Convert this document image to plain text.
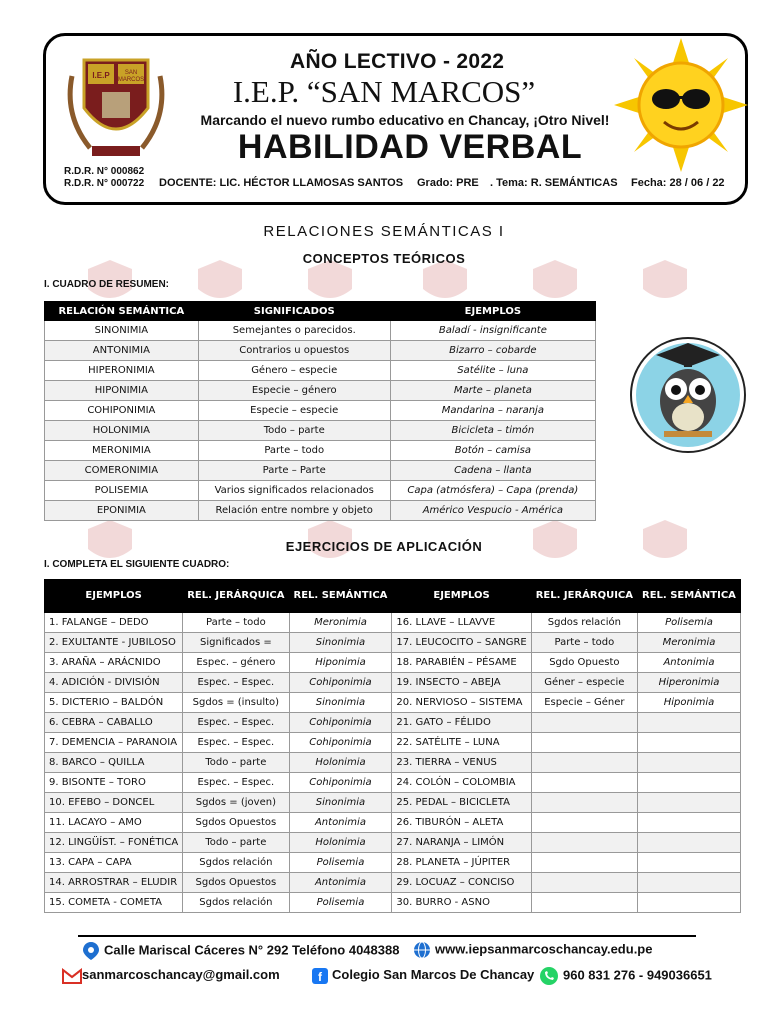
I.E.P	SAN
MARCOS
AÑO LECTIVO - 2022
I.E.P. “SAN MARCOS”
Marcando el nuevo rumbo educativo en Chancay, ¡Otro Nivel!
HABILIDAD VERBAL
R.D.R. N° 000862
R.D.R. N° 000722 DOCENTE: LIC. HÉCTOR LLAMOSAS SANTOS Grado: PRE . Tema: R. SEMÁNTICAS Fecha: 28 / 06 / 22
RELACIONES SEMÁNTICAS I
CONCEPTOS TEÓRICOS
I. CUADRO DE RESUMEN:
RELACIÓN SEMÁNTICA	SIGNIFICADOS	EJEMPLOS
SINONIMIA	Semejantes o parecidos.	Baladí - insignificante
ANTONIMIA	Contrarios u opuestos	Bizarro – cobarde
HIPERONIMIA	Género – especie	Satélite – luna
HIPONIMIA	Especie – género	Marte – planeta
COHIPONIMIA	Especie – especie	Mandarina – naranja
HOLONIMIA	Todo – parte	Bicicleta – timón
MERONIMIA	Parte – todo	Botón – camisa
COMERONIMIA	Parte – Parte	Cadena – llanta
POLISEMIA	Varios significados relacionados	Capa (atmósfera) – Capa (prenda)
EPONIMIA	Relación entre nombre y objeto	Américo Vespucio - América
EJERCICIOS DE APLICACIÓN
I. COMPLETA EL SIGUIENTE CUADRO:
EJEMPLOS	REL. JERÁRQUICA	REL. SEMÁNTICA	EJEMPLOS	REL. JERÁRQUICA	REL. SEMÁNTICA
1. FALANGE – DEDO	Parte – todo	Meronimia	16. LLAVE – LLAVVE	Sgdos relación	Polisemia
2. EXULTANTE - JUBILOSO	Significados =	Sinonimia	17. LEUCOCITO – SANGRE	Parte – todo	Meronimia
3. ARAÑA – ARÁCNIDO	Espec. – género	Hiponimia	18. PARABIÉN – PÉSAME	Sgdo Opuesto	Antonimia
4. ADICIÓN - DIVISIÓN	Espec. – Espec.	Cohiponimia	19. INSECTO – ABEJA	Géner – especie	Hiperonimia
5. DICTERIO – BALDÓN	Sgdos = (insulto)	Sinonimia	20. NERVIOSO – SISTEMA	Especie – Géner	Hiponimia
6. CEBRA – CABALLO	Espec. – Espec.	Cohiponimia	21. GATO – FÉLIDO		
7. DEMENCIA – PARANOIA	Espec. – Espec.	Cohiponimia	22. SATÉLITE – LUNA		
8. BARCO – QUILLA	Todo – parte	Holonimia	23. TIERRA – VENUS		
9. BISONTE – TORO	Espec. – Espec.	Cohiponimia	24. COLÓN – COLOMBIA		
10. EFEBO – DONCEL	Sgdos = (joven)	Sinonimia	25. PEDAL – BICICLETA		
11. LACAYO – AMO	Sgdos Opuestos	Antonimia	26. TIBURÓN – ALETA		
12. LINGÜÍST. – FONÉTICA	Todo – parte	Holonimia	27. NARANJA – LIMÓN		
13. CAPA – CAPA	Sgdos relación	Polisemia	28. PLANETA – JÚPITER		
14. ARROSTRAR – ELUDIR	Sgdos Opuestos	Antonimia	29. LOCUAZ – CONCISO		
15. COMETA - COMETA	Sgdos relación	Polisemia	30. BURRO - ASNO		
Calle Mariscal Cáceres N° 292 Teléfono 4048388	www.iepsanmarcoschancay.edu.pe
sanmarcoschancay@gmail.com	f Colegio San Marcos De Chancay	960 831 276 - 949036651
